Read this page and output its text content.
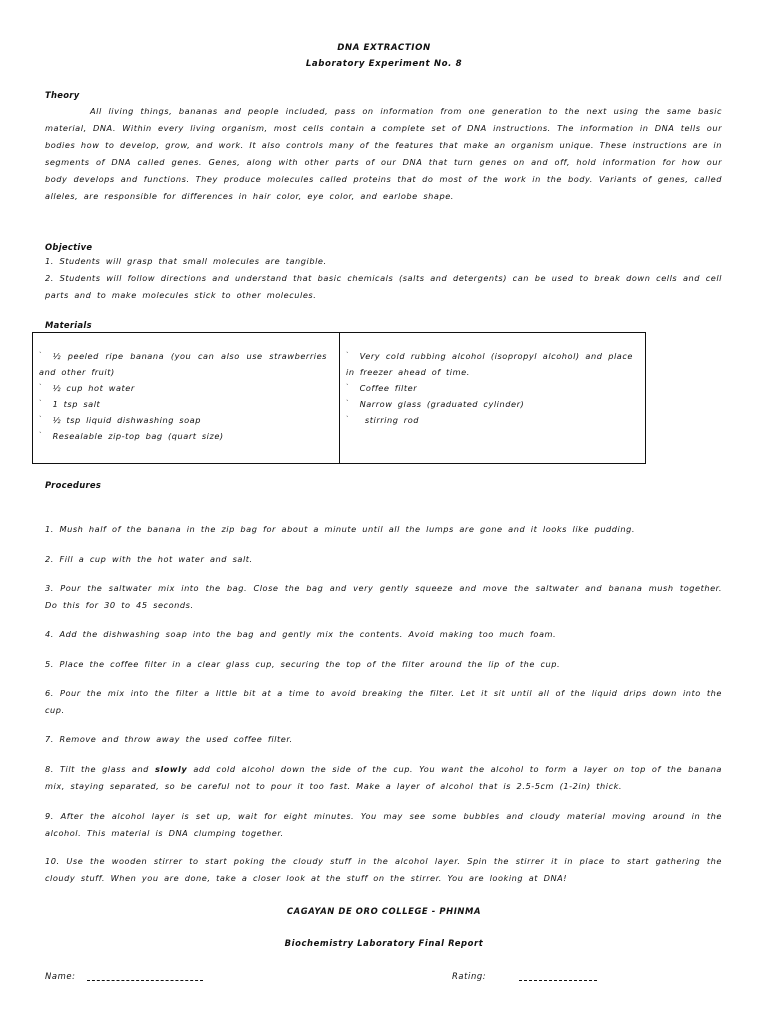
DNA EXTRACTION
Laboratory Experiment No. 8
Theory
All living things, bananas and people included, pass on information from one generation to the next using the same basic material, DNA. Within every living organism, most cells contain a complete set of DNA instructions. The information in DNA tells our bodies how to develop, grow, and work. It also controls many of the features that make an organism unique. These instructions are in segments of DNA called genes. Genes, along with other parts of our DNA that turn genes on and off, hold information for how our body develops and functions. They produce molecules called proteins that do most of the work in the body. Variants of genes, called alleles, are responsible for differences in hair color, eye color, and earlobe shape.
Objective
1. Students will grasp that small molecules are tangible.
2. Students will follow directions and understand that basic chemicals (salts and detergents) can be used to break down cells and cell parts and to make molecules stick to other molecules.
Materials
` ½ peeled ripe banana (you can also use strawberries and other fruit)
` ½ cup hot water
` 1 tsp salt
` ½ tsp liquid dishwashing soap
` Resealable zip-top bag (quart size)
` Very cold rubbing alcohol (isopropyl alcohol) and place in freezer ahead of time.
` Coffee filter
` Narrow glass (graduated cylinder)
` stirring rod
Procedures
1. Mush half of the banana in the zip bag for about a minute until all the lumps are gone and it looks like pudding.
2. Fill a cup with the hot water and salt.
3. Pour the saltwater mix into the bag. Close the bag and very gently squeeze and move the saltwater and banana mush together. Do this for 30 to 45 seconds.
4. Add the dishwashing soap into the bag and gently mix the contents. Avoid making too much foam.
5. Place the coffee filter in a clear glass cup, securing the top of the filter around the lip of the cup.
6. Pour the mix into the filter a little bit at a time to avoid breaking the filter. Let it sit until all of the liquid drips down into the cup.
7. Remove and throw away the used coffee filter.
8. Tilt the glass and slowly add cold alcohol down the side of the cup. You want the alcohol to form a layer on top of the banana mix, staying separated, so be careful not to pour it too fast. Make a layer of alcohol that is 2.5-5cm (1-2in) thick.
9. After the alcohol layer is set up, wait for eight minutes. You may see some bubbles and cloudy material moving around in the alcohol. This material is DNA clumping together.
10. Use the wooden stirrer to start poking the cloudy stuff in the alcohol layer. Spin the stirrer it in place to start gathering the cloudy stuff. When you are done, take a closer look at the stuff on the stirrer. You are looking at DNA!
CAGAYAN DE ORO COLLEGE - PHINMA
Biochemistry Laboratory Final Report
Name:	Rating:
